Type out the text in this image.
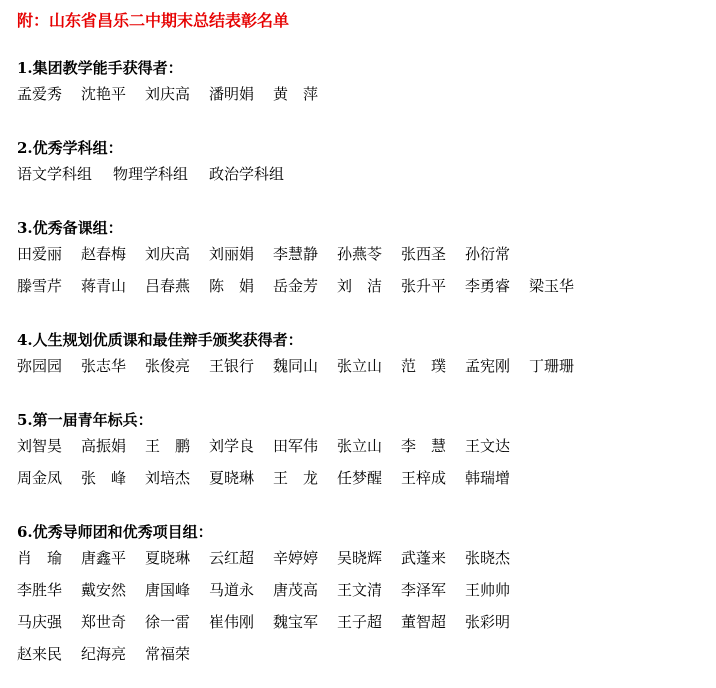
附：山东省昌乐二中期末总结表彰名单
1.集团教学能手获得者：
孟爱秀 沈艳平 刘庆高 潘明娟 黄　萍
2.优秀学科组：
语文学科组 物理学科组 政治学科组
3.优秀备课组：
田爱丽 赵春梅 刘庆高 刘丽娟 李慧静 孙燕苓 张西圣 孙衍常
滕雪芹 蒋青山 吕春燕 陈　娟 岳金芳 刘　洁 张升平 李勇睿 梁玉华
4.人生规划优质课和最佳辩手颁奖获得者：
弥园园 张志华 张俊亮 王银行 魏同山 张立山 范　璞 孟宪刚 丁珊珊
5.第一届青年标兵：
刘智昊 高振娟 王　鹏 刘学良 田军伟 张立山 李　慧 王文达
周金凤 张　峰 刘培杰 夏晓琳 王　龙 任梦醒 王梓成 韩瑞增
6.优秀导师团和优秀项目组：
肖　瑜 唐鑫平 夏晓琳 云红超 辛婷婷 吴晓辉 武蓬来 张晓杰
李胜华 戴安然 唐国峰 马道永 唐茂高 王文清 李泽军 王帅帅
马庆强 郑世奇 徐一雷 崔伟刚 魏宝军 王子超 董智超 张彩明
赵来民 纪海亮 常福荣
